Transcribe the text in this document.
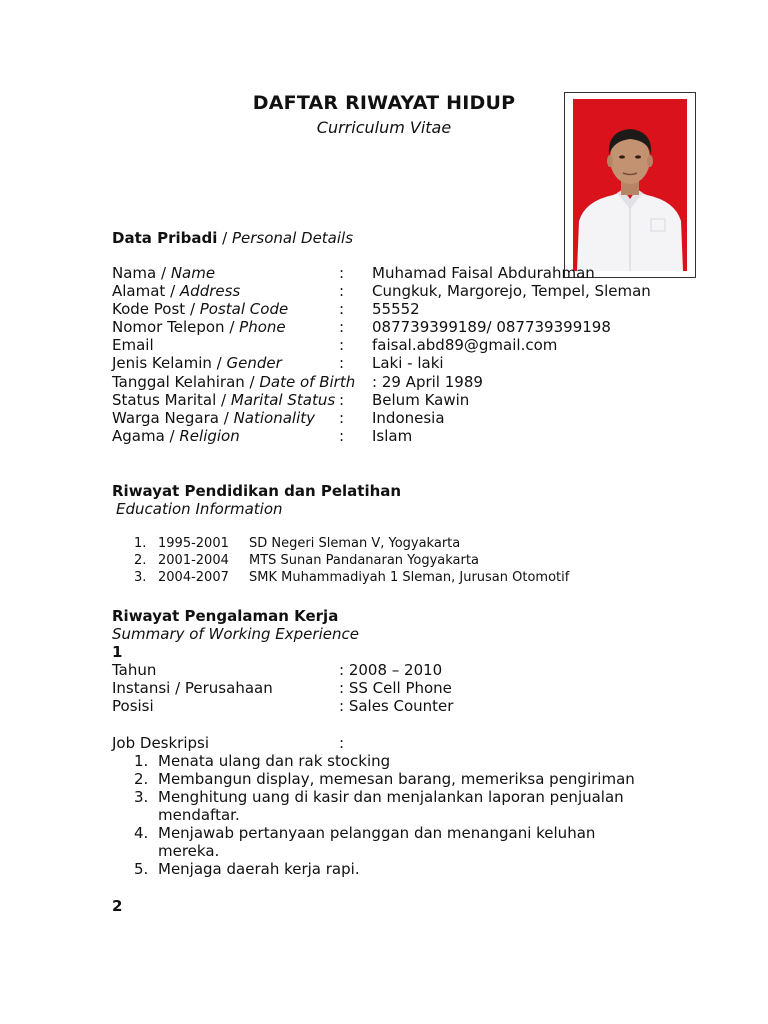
DAFTAR RIWAYAT HIDUP
Curriculum Vitae
Data Pribadi / Personal Details
Nama / Name	: Muhamad Faisal Abdurahman
Alamat / Address	: Cungkuk, Margorejo, Tempel, Sleman
Kode Post / Postal Code	: 55552
Nomor Telepon / Phone	: 087739399189/ 087739399198
Email	: faisal.abd89@gmail.com
Jenis Kelamin / Gender	: Laki - laki
Tanggal Kelahiran / Date of Birth : 29 April 1989
Status Marital / Marital Status : Belum Kawin
Warga Negara / Nationality : Indonesia
Agama / Religion	: Islam
Riwayat Pendidikan dan Pelatihan
Education Information
1. 1995-2001 SD Negeri Sleman V, Yogyakarta
2. 2001-2004 MTS Sunan Pandanaran Yogyakarta
3. 2004-2007 SMK Muhammadiyah 1 Sleman, Jurusan Otomotif
Riwayat Pengalaman Kerja
Summary of Working Experience
1
Tahun	: 2008 – 2010
Instansi / Perusahaan	: SS Cell Phone
Posisi	: Sales Counter
Job Deskripsi	:
1. Menata ulang dan rak stocking
2. Membangun display, memesan barang, memeriksa pengiriman
3. Menghitung uang di kasir dan menjalankan laporan penjualan mendaftar.
4. Menjawab pertanyaan pelanggan dan menangani keluhan mereka.
5. Menjaga daerah kerja rapi.
2
